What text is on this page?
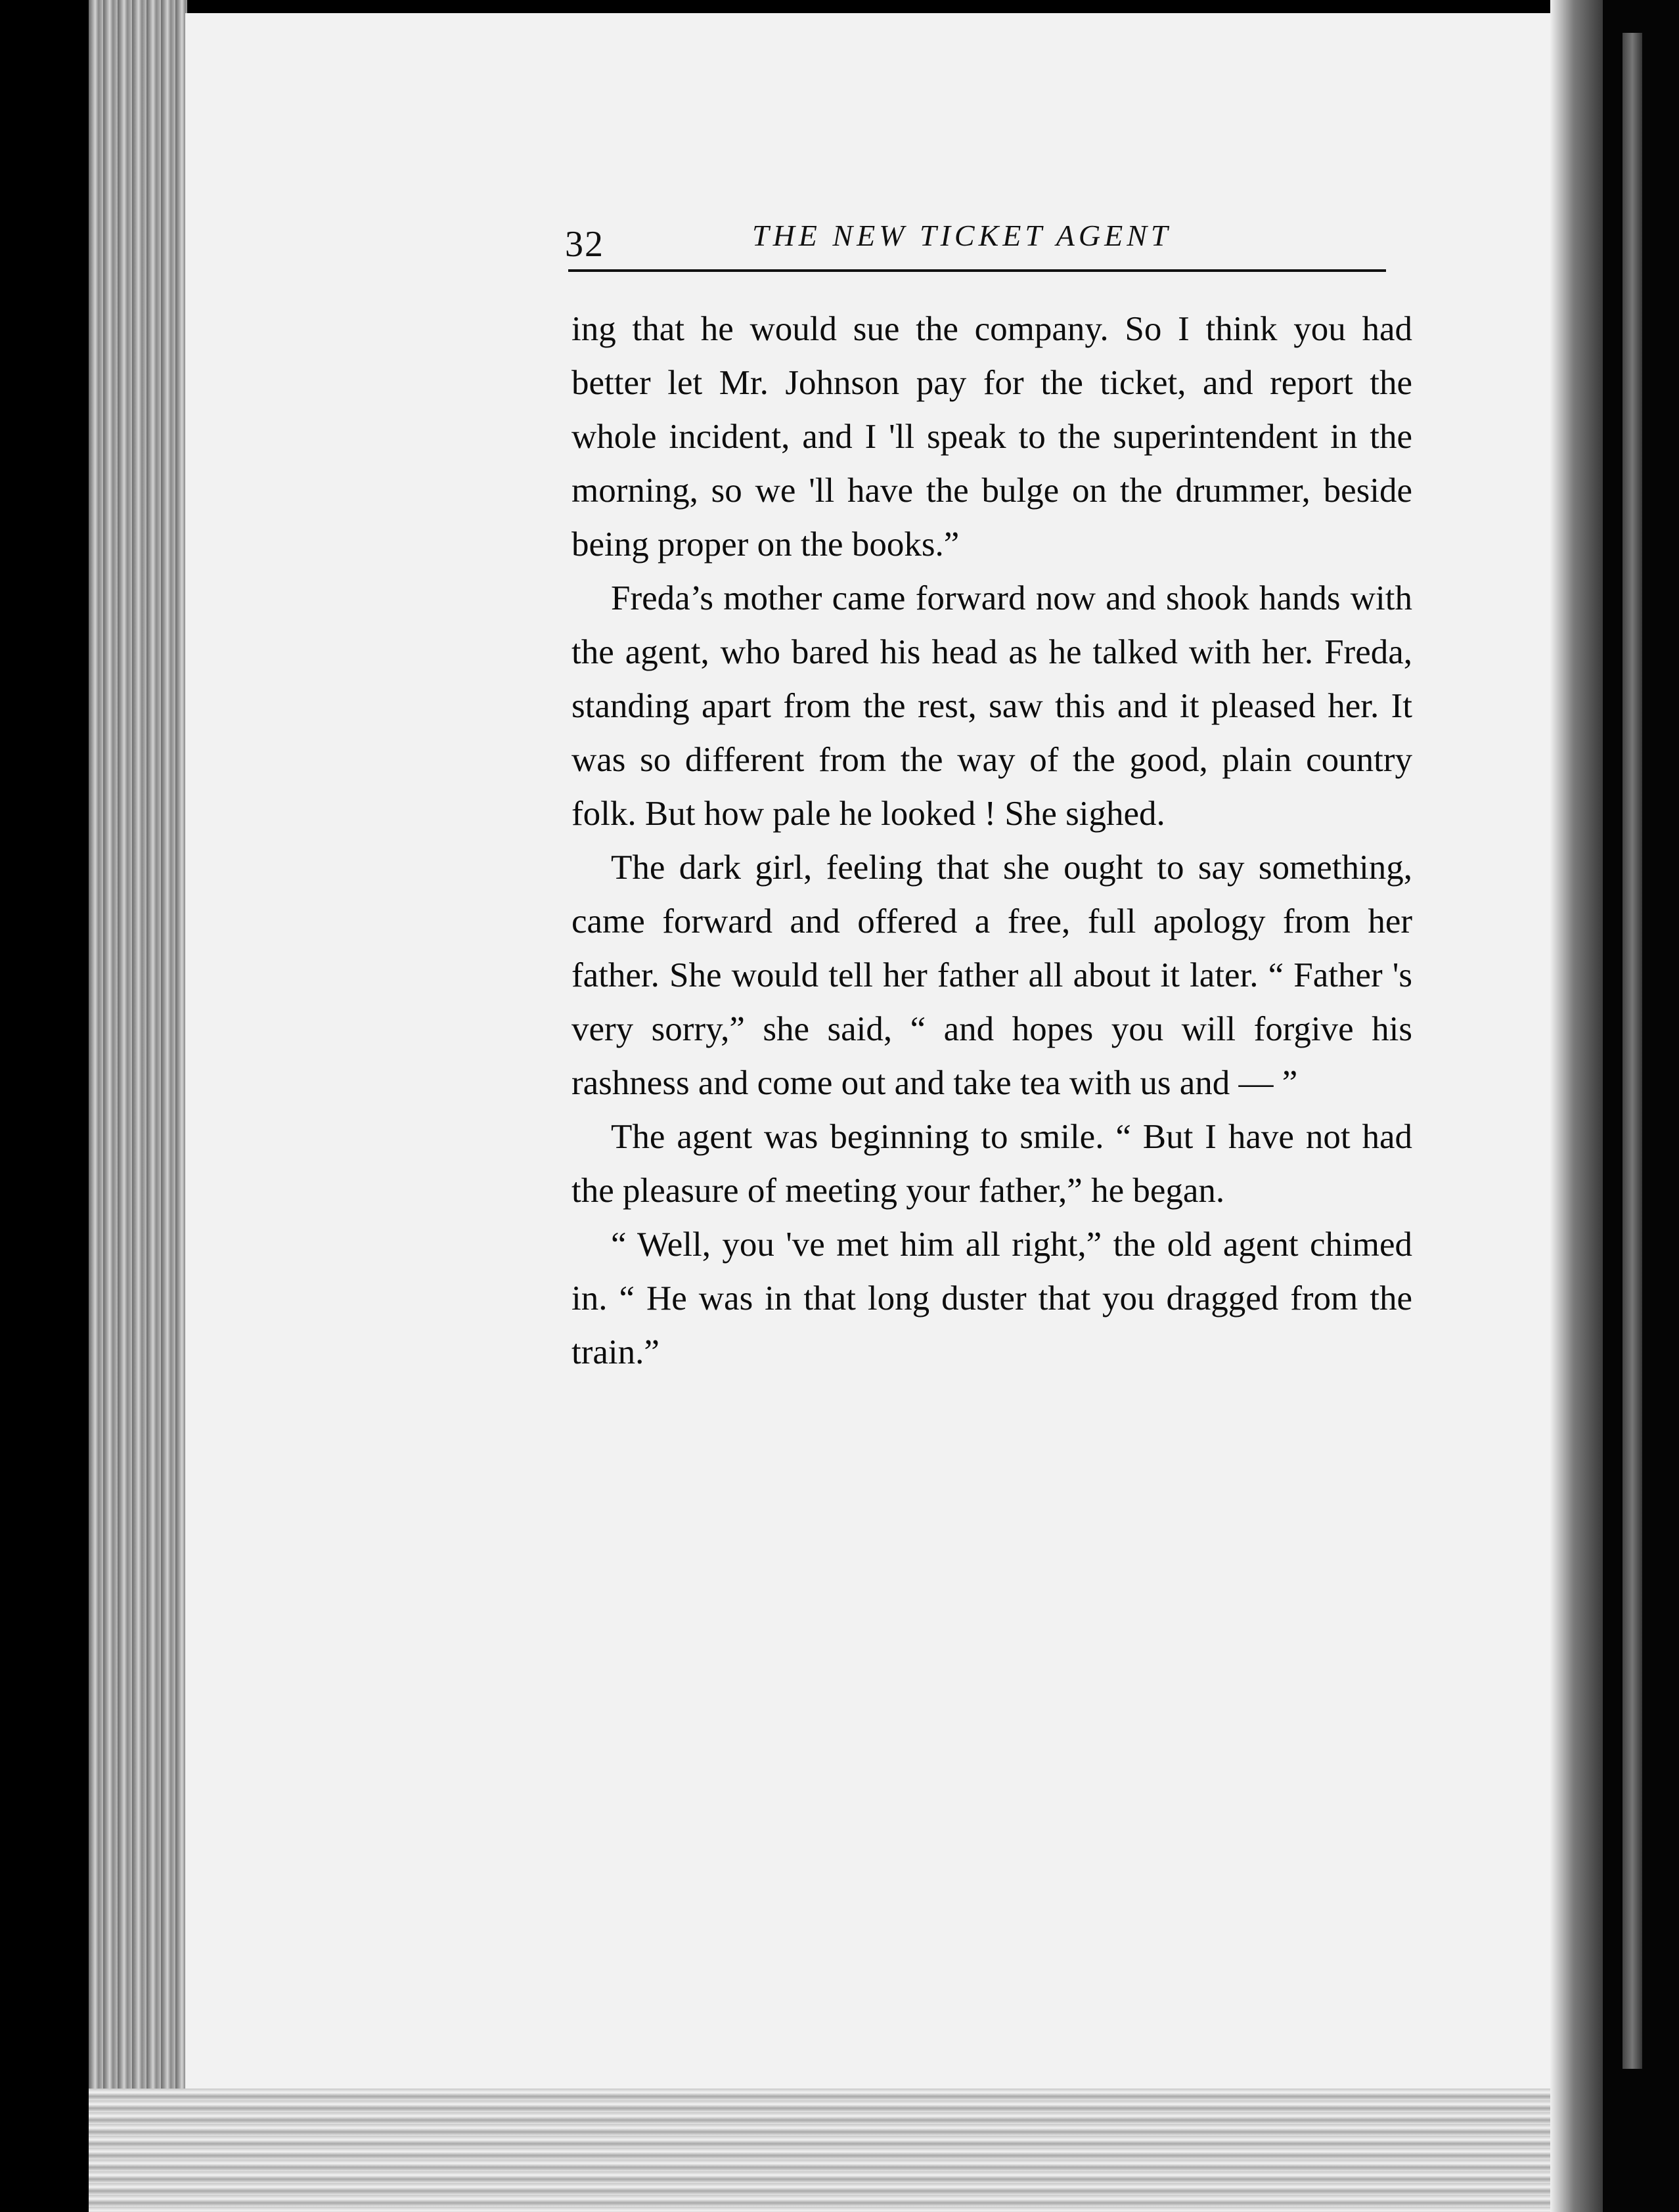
32	THE NEW TICKET AGENT

ing that he would sue the company. So I think you had better let Mr. Johnson pay for the ticket, and report the whole incident, and I 'll speak to the superintendent in the morning, so we 'll have the bulge on the drummer, beside being proper on the books.”

Freda’s mother came forward now and shook hands with the agent, who bared his head as he talked with her. Freda, standing apart from the rest, saw this and it pleased her. It was so different from the way of the good, plain country folk. But how pale he looked ! She sighed.

The dark girl, feeling that she ought to say something, came forward and offered a free, full apology from her father. She would tell her father all about it later. “ Father 's very sorry,” she said, “ and hopes you will forgive his rashness and come out and take tea with us and — ”

The agent was beginning to smile. “ But I have not had the pleasure of meeting your father,” he began.

“ Well, you 've met him all right,” the old agent chimed in. “ He was in that long duster that you dragged from the train.”
